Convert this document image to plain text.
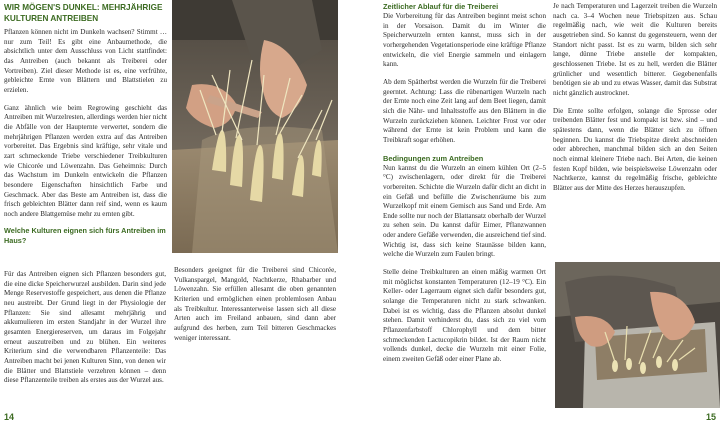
WIR MÖGEN'S DUNKEL: MEHRJÄHRIGE KULTUREN ANTREIBEN

Pflanzen können nicht im Dunkeln wachsen? Stimmt … nur zum Teil! Es gibt eine Anbaumethode, die absichtlich unter dem Ausschluss von Licht stattfindet: das Antreiben (auch bekannt als Treiberei oder Vortreiben). Ziel dieser Methode ist es, eine verfrühte, gebleichte Ernte von Blättern und Blattstielen zu erzielen.

Ganz ähnlich wie beim Regrowing geschieht das Antreiben mit Wurzelresten, allerdings werden hier nicht die Abfälle von der Haupternte verwertet, sondern die mehrjährigen Pflanzen werden extra auf das Antreiben vorbereitet. Das Ergebnis sind kräftige, sehr vitale und zart schmeckende Triebe verschiedener Treibkulturen wie Chicorée und Löwenzahn. Das Geheimnis: Durch das Wachstum im Dunkeln entwickeln die Pflanzen besondere Eigenschaften hinsichtlich Farbe und Geschmack. Aber das Beste am Antreiben ist, dass die frisch gebleichten Blätter dann reif sind, wenn es kaum noch andere Blattgemüse mehr zu ernten gibt.

Welche Kulturen eignen sich fürs Antreiben im Haus?

Für das Antreiben eignen sich Pflanzen besonders gut, die eine dicke Speicherwurzel ausbilden. Darin sind jede Menge Reservestoffe gespeichert, aus denen die Pflanze neu austreibt. Der Grund liegt in der Physiologie der Pflanzen: Sie sind allesamt mehrjährig und akkumulieren im ersten Standjahr in der Wurzel ihre gesamten Energiereserven, um daraus im Folgejahr erneut auszutreiben und zu blühen. Ein weiteres Kriterium sind die verwendbaren Pflanzenteile: Das Antreiben macht bei jenen Kulturen Sinn, von denen wir die Blätter und Blattstiele verzehren können – denn diese Pflanzenteile treiben als erstes aus der Wurzel aus.

Besonders geeignet für die Treiberei sind Chicorée, Vulkanspargel, Mangold, Nachtkerze, Rhabarber und Löwenzahn. Sie erfüllen allesamt die oben genannten Kriterien und ermöglichen einen problemlosen Anbau als Treibkultur. Interessanterweise lassen sich all diese Arten auch im Freiland anbauen, sind dann aber aufgrund des herben, zum Teil bitteren Geschmackes weniger interessant.

14
Zeitlicher Ablauf für die Treiberei

Die Vorbereitung für das Antreiben beginnt meist schon in der Vorsaison. Damit du im Winter die Speicherwurzeln ernten kannst, muss sich in der vorhergehenden Vegetationsperiode eine kräftige Pflanze entwickeln, die viel Energie sammeln und einlagern kann.

Ab dem Spätherbst werden die Wurzeln für die Treiberei geerntet. Achtung: Lass die rübenartigen Wurzeln nach der Ernte noch eine Zeit lang auf dem Beet liegen, damit sich die Nähr- und Inhaltsstoffe aus den Blättern in die Wurzeln zurückziehen können. Leichter Frost vor oder während der Ernte ist kein Problem und kann die Treibkraft sogar erhöhen.

Bedingungen zum Antreiben

Nun kannst du die Wurzeln an einem kühlen Ort (2–5 °C) zwischenlagern, oder direkt für die Treiberei vorbereiten. Schichte die Wurzeln dafür dicht an dicht in ein Gefäß und befülle die Zwischenräume bis zum Wurzelkopf mit einem Gemisch aus Sand und Erde. Am Ende sollte nur noch der Blattansatz oberhalb der Wurzel zu sehen sein. Du kannst dafür Eimer, Pflanzwannen oder andere Gefäße verwenden, die ausreichend tief sind. Wichtig ist, dass sich keine Staunässe bilden kann, welche die Wurzeln zum Faulen bringt.

Stelle deine Treibkulturen an einen mäßig warmen Ort mit möglichst konstanten Temperaturen (12–19 °C). Ein Keller- oder Lagerraum eignet sich dafür besonders gut, solange die Temperaturen nicht zu stark schwanken. Dabei ist es wichtig, dass die Pflanzen absolut dunkel stehen. Damit verhinderst du, dass sich zu viel vom Pflanzenfarbstoff Chlorophyll und dem bitter schmeckenden Lactucopikrin bildet. Ist der Raum nicht vollends dunkel, decke die Wurzeln mit einer Folie, einem zweiten Gefäß oder einer Plane ab.

Je nach Temperaturen und Lagerzeit treiben die Wurzeln nach ca. 3–4 Wochen neue Triebspitzen aus. Schau regelmäßig nach, wie weit die Kulturen bereits ausgetrieben sind. So kannst du gegensteuern, wenn der Standort nicht passt. Ist es zu warm, bilden sich sehr lange, dünne Triebe anstelle der kompakten, geschlossenen Triebe. Ist es zu hell, werden die Blätter grünlicher und wesentlich bitterer. Gegebenenfalls benötigen sie ab und zu etwas Wasser, damit das Substrat nicht gänzlich austrocknet.

Die Ernte sollte erfolgen, solange die Sprosse oder treibenden Blätter fest und kompakt ist bzw. sind – und spätestens dann, wenn die Blätter sich zu öffnen beginnen. Du kannst die Triebspitze direkt abschneiden oder abbrechen, manchmal bilden sich an den Seiten noch einmal kleinere Triebe nach. Bei Arten, die keinen festen Kopf bilden, wie beispielsweise Löwenzahn oder Nachtkerze, kannst du regelmäßig frische, gebleichte Blätter aus der Mitte des Herzes herauszupfen.

15
